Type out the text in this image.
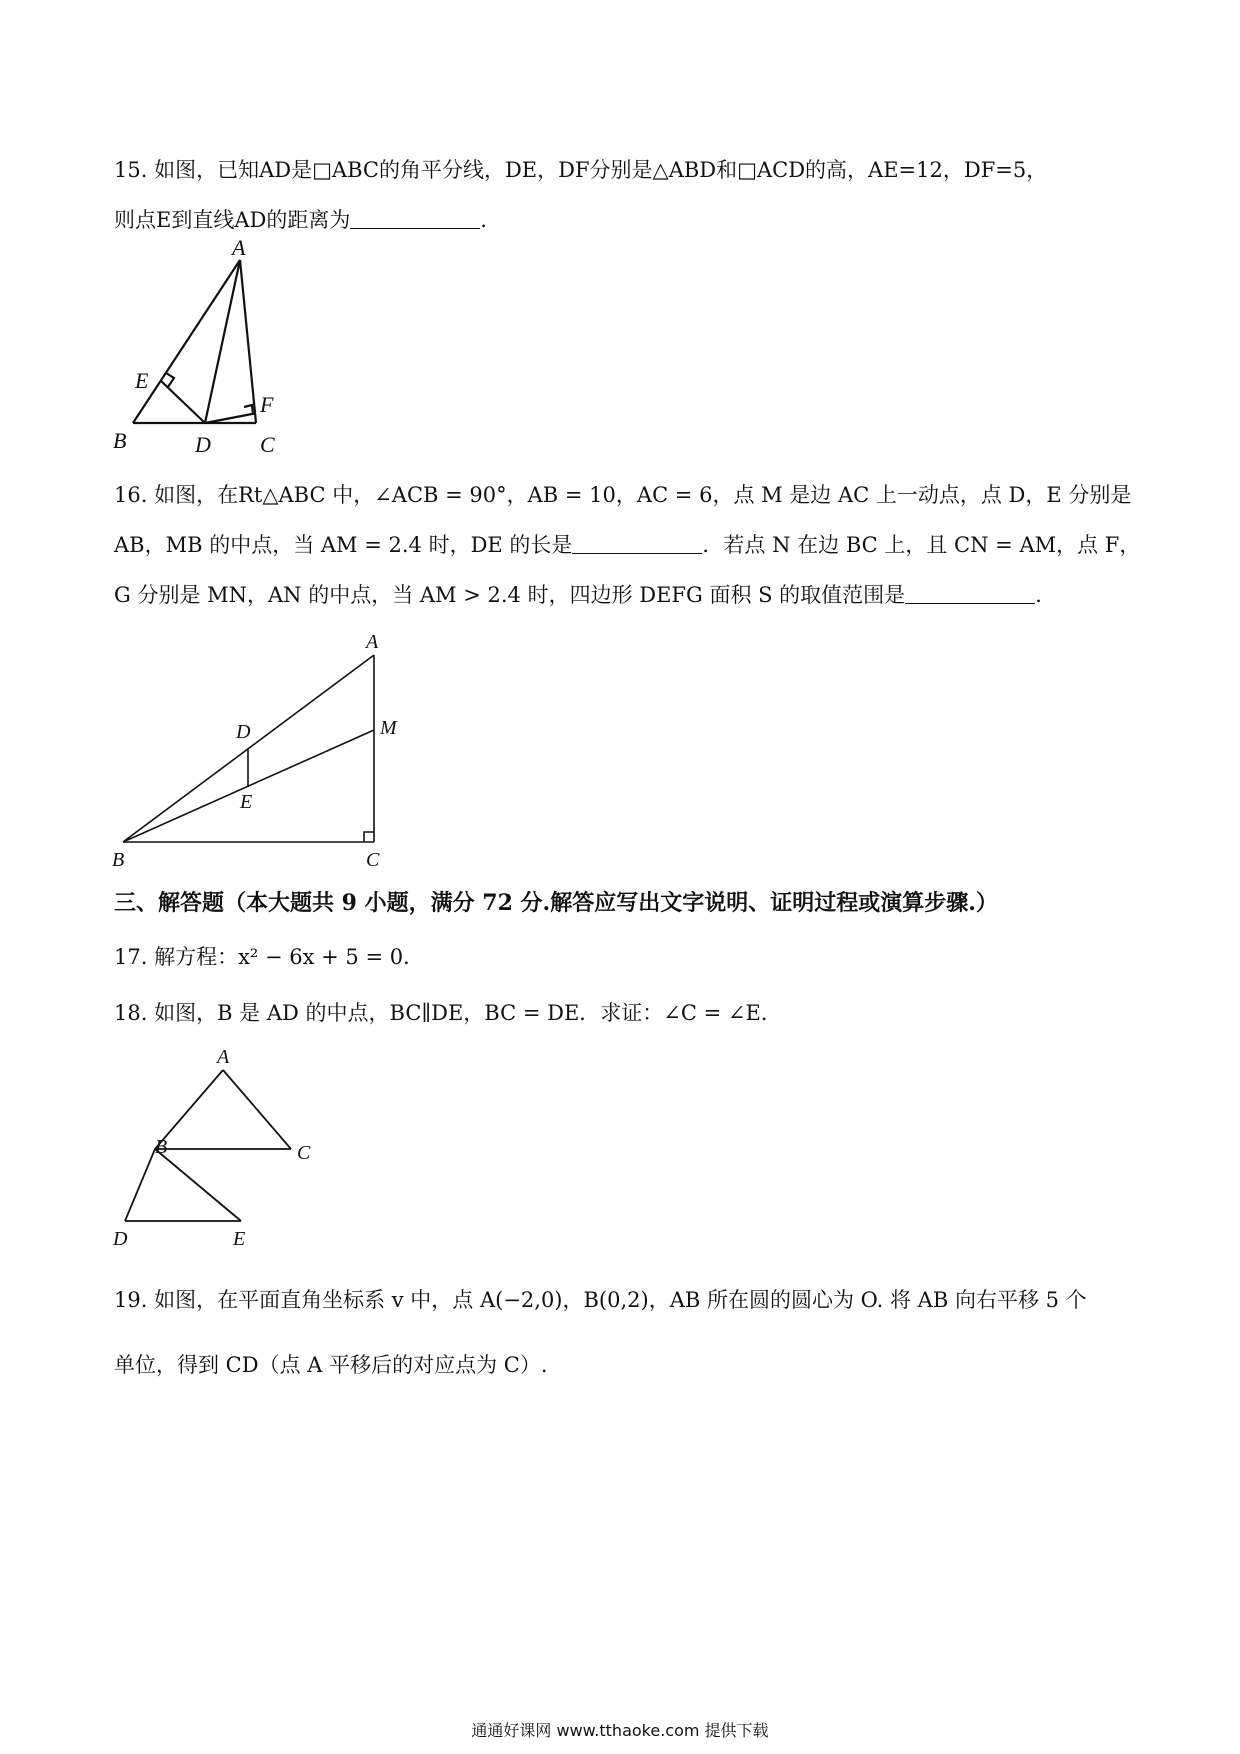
15. 如图，已知AD是□ABC的角平分线，DE，DF分别是△ABD和□ACD的高，AE=12，DF=5，
则点E到直线AD的距离为	．
A
E
F
B	D C
16. 如图，在Rt△ABC 中，∠ACB = 90°，AB = 10，AC = 6，点 M 是边 AC 上一动点，点 D，E 分别是
AB，MB 的中点，当 AM = 2.4 时，DE 的长是	．若点 N 在边 BC 上，且 CN = AM，点 F，
G 分别是 MN，AN 的中点，当 AM > 2.4 时，四边形 DEFG 面积 S 的取值范围是	．
A
M
D
E
B	C
三、解答题（本大题共 9 小题，满分 72 分.解答应写出文字说明、证明过程或演算步骤.）
17. 解方程：x² − 6x + 5 = 0．
18. 如图，B 是 AD 的中点，BC∥DE，BC = DE．求证：∠C = ∠E．
A
B	C
D	E
19. 如图，在平面直角坐标系 v 中，点 A(−2,0)，B(0,2)，AB 所在圆的圆心为 O. 将 AB 向右平移 5 个
单位，得到 CD（点 A 平移后的对应点为 C）.
通通好课网 www.tthaoke.com 提供下载
